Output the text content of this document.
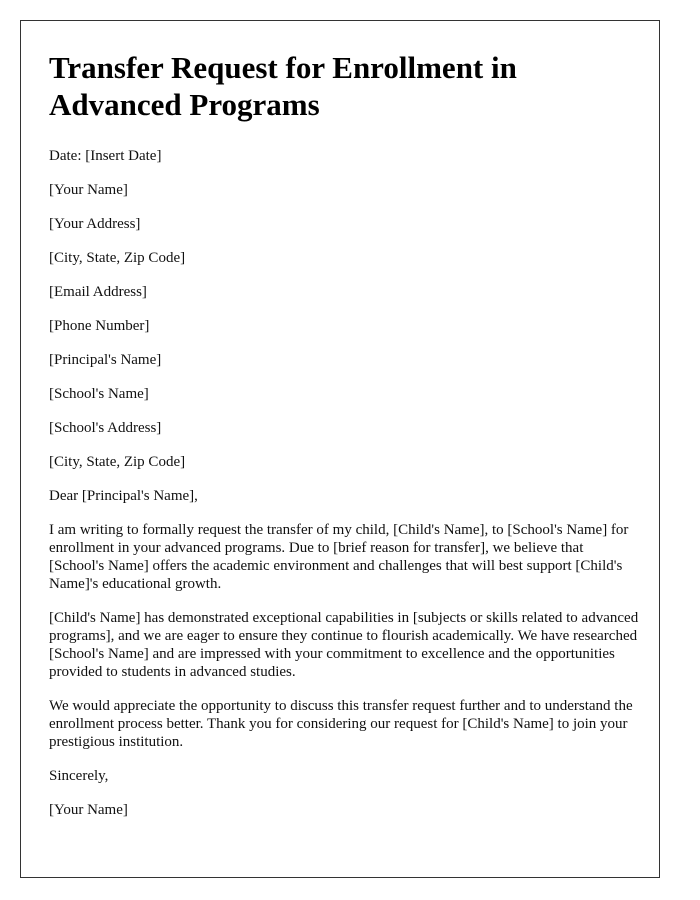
Transfer Request for Enrollment in Advanced Programs

Date: [Insert Date]

[Your Name]

[Your Address]

[City, State, Zip Code]

[Email Address]

[Phone Number]

[Principal's Name]

[School's Name]

[School's Address]

[City, State, Zip Code]

Dear [Principal's Name],

I am writing to formally request the transfer of my child, [Child's Name], to [School's Name] for enrollment in your advanced programs. Due to [brief reason for transfer], we believe that [School's Name] offers the academic environment and challenges that will best support [Child's Name]'s educational growth.

[Child's Name] has demonstrated exceptional capabilities in [subjects or skills related to advanced programs], and we are eager to ensure they continue to flourish academically. We have researched [School's Name] and are impressed with your commitment to excellence and the opportunities provided to students in advanced studies.

We would appreciate the opportunity to discuss this transfer request further and to understand the enrollment process better. Thank you for considering our request for [Child's Name] to join your prestigious institution.

Sincerely,

[Your Name]
